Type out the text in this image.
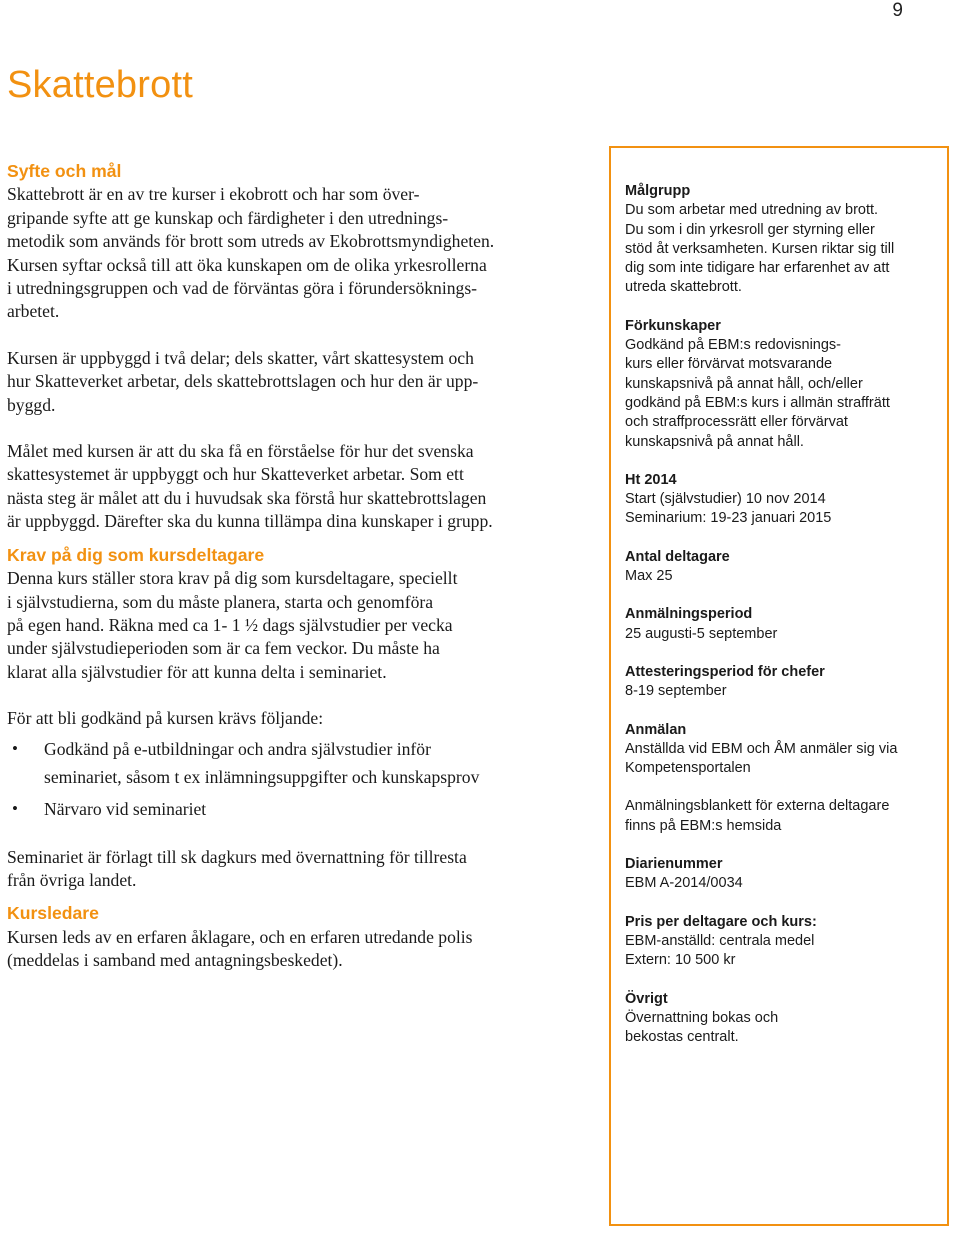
9
Skattebrott
Syfte och mål

Skattebrott är en av tre kurser i ekobrott och har som över-
gripande syfte att ge kunskap och färdigheter i den utrednings-
metodik som används för brott som utreds av Ekobrottsmyndigheten.
Kursen syftar också till att öka kunskapen om de olika yrkesrollerna
i utredningsgruppen och vad de förväntas göra i förundersöknings-
arbetet.

Kursen är uppbyggd i två delar; dels skatter, vårt skattesystem och
hur Skatteverket arbetar, dels skattebrottslagen och hur den är upp-
byggd.

Målet med kursen är att du ska få en förståelse för hur det svenska
skattesystemet är uppbyggt och hur Skatteverket arbetar. Som ett
nästa steg är målet att du i huvudsak ska förstå hur skattebrottslagen
är uppbyggd. Därefter ska du kunna tillämpa dina kunskaper i grupp.

Krav på dig som kursdeltagare

Denna kurs ställer stora krav på dig som kursdeltagare, speciellt
i självstudierna, som du måste planera, starta och genomföra
på egen hand. Räkna med ca 1- 1 ½ dags självstudier per vecka
under självstudieperioden som är ca fem veckor. Du måste ha
klarat alla självstudier för att kunna delta i seminariet.

För att bli godkänd på kursen krävs följande:

• Godkänd på e-utbildningar och andra självstudier inför
seminariet, såsom t ex inlämningsuppgifter och kunskapsprov
• Närvaro vid seminariet

Seminariet är förlagt till sk dagkurs med övernattning för tillresta
från övriga landet.

Kursledare

Kursen leds av en erfaren åklagare, och en erfaren utredande polis
(meddelas i samband med antagningsbeskedet).

Målgrupp
Du som arbetar med utredning av brott.
Du som i din yrkesroll ger styrning eller
stöd åt verksamheten. Kursen riktar sig till
dig som inte tidigare har erfarenhet av att
utreda skattebrott.
Förkunskaper
Godkänd på EBM:s redovisnings-
kurs eller förvärvat motsvarande
kunskapsnivå på annat håll, och/eller
godkänd på EBM:s kurs i allmän straffrätt
och straffprocessrätt eller förvärvat
kunskapsnivå på annat håll.
Ht 2014
Start (självstudier) 10 nov 2014
Seminarium: 19-23 januari 2015
Antal deltagare
Max 25
Anmälningsperiod
25 augusti-5 september
Attesteringsperiod för chefer
8-19 september
Anmälan
Anställda vid EBM och ÅM anmäler sig via
Kompetensportalen
Anmälningsblankett för externa deltagare
finns på EBM:s hemsida
Diarienummer
EBM A-2014/0034
Pris per deltagare och kurs:
EBM-anställd: centrala medel
Extern: 10 500 kr
Övrigt
Övernattning bokas och
bekostas centralt.
